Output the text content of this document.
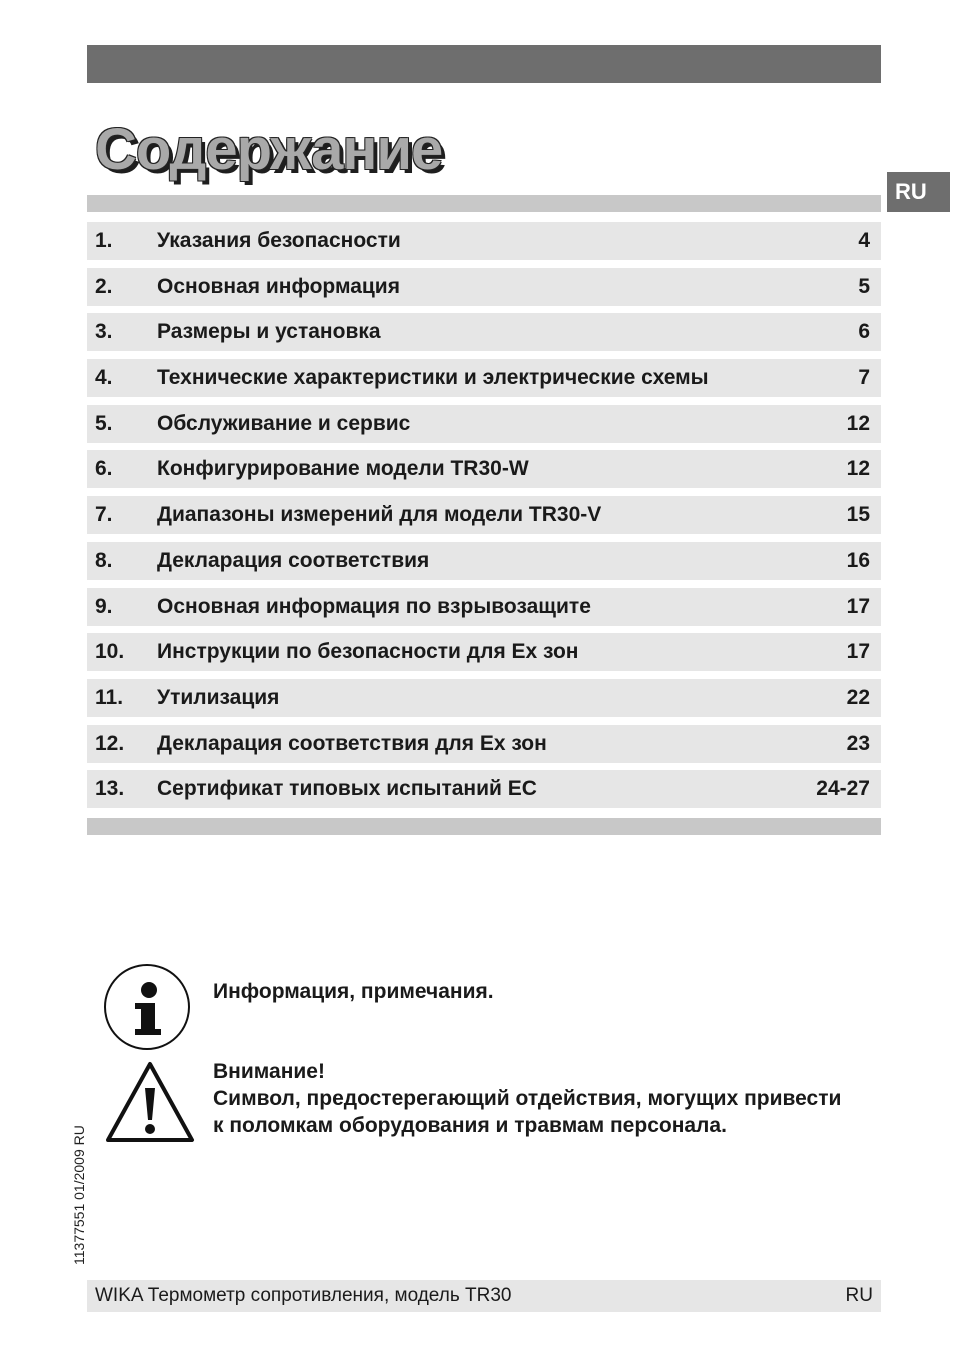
Содержание
RU
1. Указания безопасности	4
2. Основная информация	5
3. Размеры и установка	6
4. Технические характеристики и электрические схемы	7
5. Обслуживание и сервис	12
6. Конфигурирование модели TR30-W	12
7. Диапазоны измерений для модели TR30-V	15
8. Декларация соответствия	16
9. Основная информация по взрывозащите	17
10. Инструкции по безопасности для Ex зон	17
11. Утилизация	22
12. Декларация соответствия для Ex зон	23
13. Сертификат типовых испытаний ЕС	24-27
Информация, примечания.
Внимание!
Символ, предостерегающий отдействия, могущих привести
к поломкам оборудования и травмам персонала.
11377551 01/2009 RU
WIKA Термометр сопротивления, модель TR30	RU
